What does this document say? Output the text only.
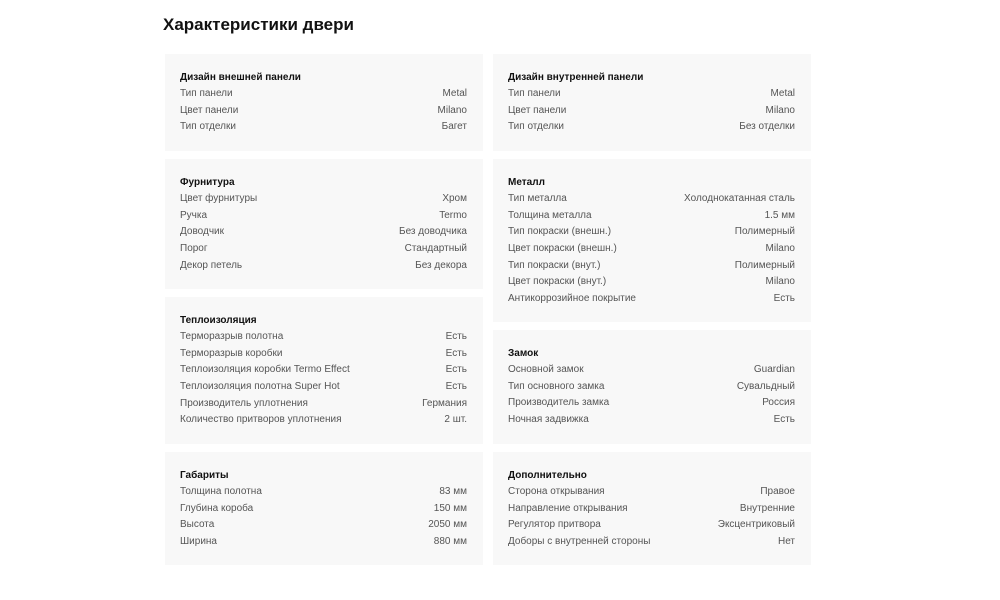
Характеристики двери
Дизайн внешней панели
Тип панели	Metal
Цвет панели	Milano
Тип отделки	Багет
Фурнитура
Цвет фурнитуры	Хром
Ручка	Termo
Доводчик	Без доводчика
Порог	Стандартный
Декор петель	Без декора
Теплоизоляция
Терморазрыв полотна	Есть
Терморазрыв коробки	Есть
Теплоизоляция коробки Termo Effect	Есть
Теплоизоляция полотна Super Hot	Есть
Производитель уплотнения	Германия
Количество притворов уплотнения	2 шт.
Габариты
Толщина полотна	83 мм
Глубина короба	150 мм
Высота	2050 мм
Ширина	880 мм
Дизайн внутренней панели
Тип панели	Metal
Цвет панели	Milano
Тип отделки	Без отделки
Металл
Тип металла	Холоднокатанная сталь
Толщина металла	1.5 мм
Тип покраски (внешн.)	Полимерный
Цвет покраски (внешн.)	Milano
Тип покраски (внут.)	Полимерный
Цвет покраски (внут.)	Milano
Антикоррозийное покрытие	Есть
Замок
Основной замок	Guardian
Тип основного замка	Сувальдный
Производитель замка	Россия
Ночная задвижка	Есть
Дополнительно
Сторона открывания	Правое
Направление открывания	Внутренние
Регулятор притвора	Эксцентриковый
Доборы с внутренней стороны	Нет
